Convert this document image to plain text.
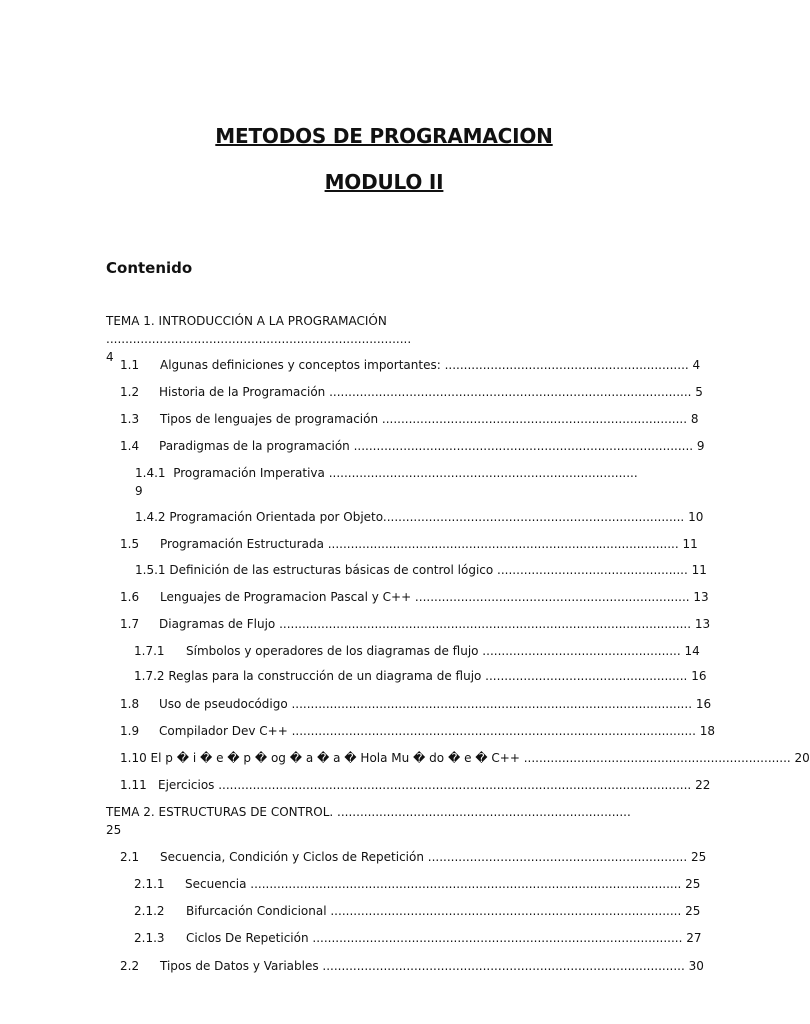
METODOS DE PROGRAMACION
MODULO II
Contenido
TEMA 1. INTRODUCCIÓN A LA PROGRAMACIÓN ................................................................................
4
1.1 Algunas definiciones y conceptos importantes: ................................................................ 4
1.2 Historia de la Programación ............................................................................................... 5
1.3 Tipos de lenguajes de programación ................................................................................ 8
1.4 Paradigmas de la programación ......................................................................................... 9
1.4.1 Programación Imperativa .................................................................................
9
1.4.2 Programación Orientada por Objeto............................................................................... 10
1.5 Programación Estructurada ............................................................................................ 11
1.5.1 Definición de las estructuras básicas de control lógico .................................................. 11
1.6 Lenguajes de Programacion Pascal y C++ ........................................................................ 13
1.7 Diagramas de Flujo ............................................................................................................ 13
1.7.1 Símbolos y operadores de los diagramas de flujo .................................................... 14
1.7.2 Reglas para la construcción de un diagrama de flujo ..................................................... 16
1.8 Uso de pseudocódigo ......................................................................................................... 16
1.9 Compilador Dev C++ .......................................................................................................... 18
1.10 El p � i � e � p � og � a � a � Hola Mu � do � e � C++ ...................................................................... 20
1.11 Ejercicios ............................................................................................................................ 22
TEMA 2. ESTRUCTURAS DE CONTROL. .............................................................................
25
2.1 Secuencia, Condición y Ciclos de Repetición .................................................................... 25
2.1.1 Secuencia ................................................................................................................. 25
2.1.2 Bifurcación Condicional ............................................................................................ 25
2.1.3 Ciclos De Repetición ................................................................................................. 27
2.2 Tipos de Datos y Variables ............................................................................................... 30
